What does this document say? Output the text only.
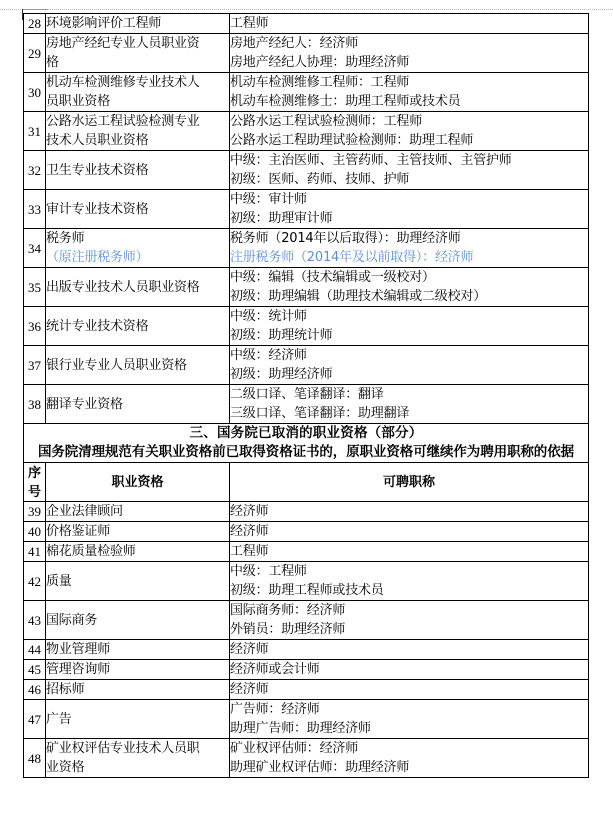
28	环境影响评价工程师	工程师

29	房地产经纪专业人员职业资
格	房地产经纪人：经济师
房地产经纪人协理：助理经济师

30	机动车检测维修专业技术人
员职业资格	机动车检测维修工程师：工程师
机动车检测维修士：助理工程师或技术员

31	公路水运工程试验检测专业
技术人员职业资格	公路水运工程试验检测师：工程师
公路水运工程助理试验检测师：助理工程师

32	卫生专业技术资格	中级：主治医师、主管药师、主管技师、主管护师
初级：医师、药师、技师、护师

33	审计专业技术资格	中级：审计师
初级：助理审计师

34	税务师
（原注册税务师）	税务师（2014年以后取得）：助理经济师
注册税务师（2014年及以前取得）：经济师

35	出版专业技术人员职业资格	中级：编辑（技术编辑或一级校对）
初级：助理编辑（助理技术编辑或二级校对）

36	统计专业技术资格	中级：统计师
初级：助理统计师

37	银行业专业人员职业资格	中级：经济师
初级：助理经济师

38	翻译专业资格	二级口译、笔译翻译：翻译
三级口译、笔译翻译：助理翻译

三、国务院已取消的职业资格（部分）
国务院清理规范有关职业资格前已取得资格证书的，原职业资格可继续作为聘用职称的依据		

序号	职业资格	可聘职称
39	企业法律顾问	经济师

40	价格鉴证师	经济师

41	棉花质量检验师	工程师

42	质量	中级：工程师
初级：助理工程师或技术员

43	国际商务	国际商务师：经济师
外销员：助理经济师

44	物业管理师	经济师

45	管理咨询师	经济师或会计师

46	招标师	经济师

47	广告	广告师：经济师
助理广告师：助理经济师

48	矿业权评估专业技术人员职
业资格	矿业权评估师：经济师
助理矿业权评估师：助理经济师
